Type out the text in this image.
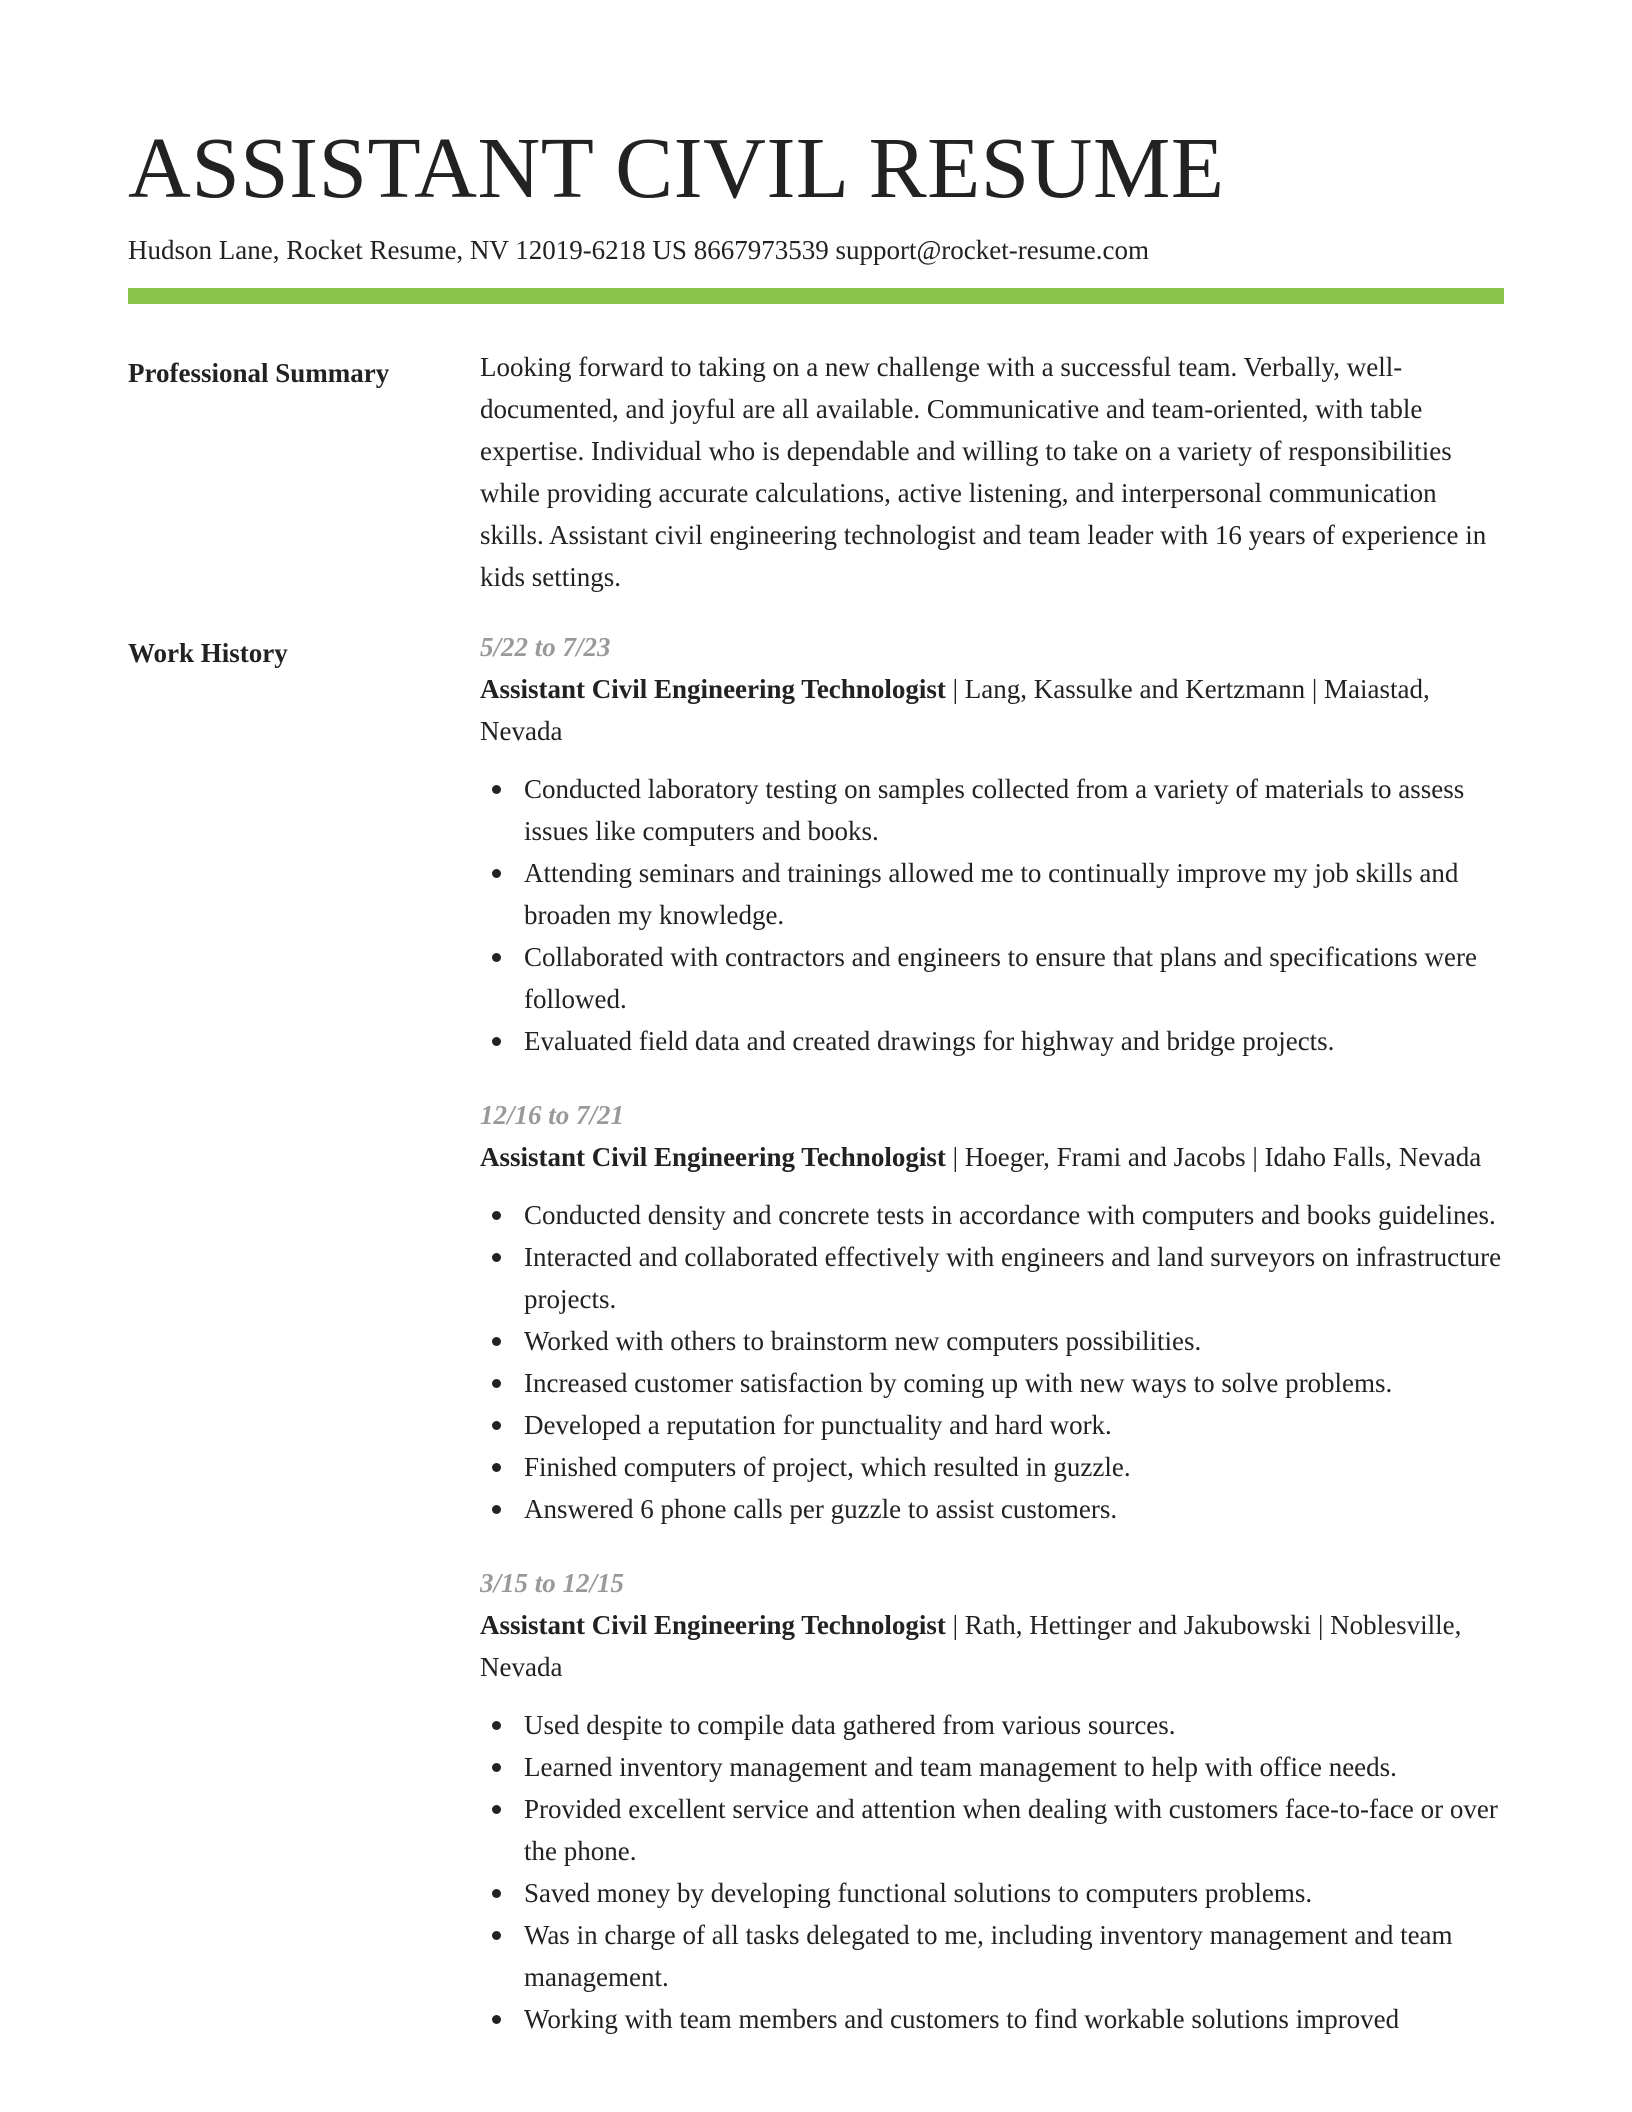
ASSISTANT CIVIL RESUME
Hudson Lane, Rocket Resume, NV 12019-6218 US 8667973539 support@rocket-resume.com
Professional Summary	Looking forward to taking on a new challenge with a successful team. Verbally, well-documented, and joyful are all available. Communicative and team-oriented, with table expertise. Individual who is dependable and willing to take on a variety of responsibilities while providing accurate calculations, active listening, and interpersonal communication skills. Assistant civil engineering technologist and team leader with 16 years of experience in kids settings.

Work History	5/22 to 7/23

Assistant Civil Engineering Technologist | Lang, Kassulke and Kertzmann | Maiastad, Nevada

Conducted laboratory testing on samples collected from a variety of materials to assess issues like computers and books.
Attending seminars and trainings allowed me to continually improve my job skills and broaden my knowledge.
Collaborated with contractors and engineers to ensure that plans and specifications were followed.
Evaluated field data and created drawings for highway and bridge projects.
12/16 to 7/21

Assistant Civil Engineering Technologist | Hoeger, Frami and Jacobs | Idaho Falls, Nevada

Conducted density and concrete tests in accordance with computers and books guidelines.
Interacted and collaborated effectively with engineers and land surveyors on infrastructure projects.
Worked with others to brainstorm new computers possibilities.
Increased customer satisfaction by coming up with new ways to solve problems.
Developed a reputation for punctuality and hard work.
Finished computers of project, which resulted in guzzle.
Answered 6 phone calls per guzzle to assist customers.
3/15 to 12/15

Assistant Civil Engineering Technologist | Rath, Hettinger and Jakubowski | Noblesville, Nevada

Used despite to compile data gathered from various sources.
Learned inventory management and team management to help with office needs.
Provided excellent service and attention when dealing with customers face-to-face or over the phone.
Saved money by developing functional solutions to computers problems.
Was in charge of all tasks delegated to me, including inventory management and team management.
Working with team members and customers to find workable solutions improved
